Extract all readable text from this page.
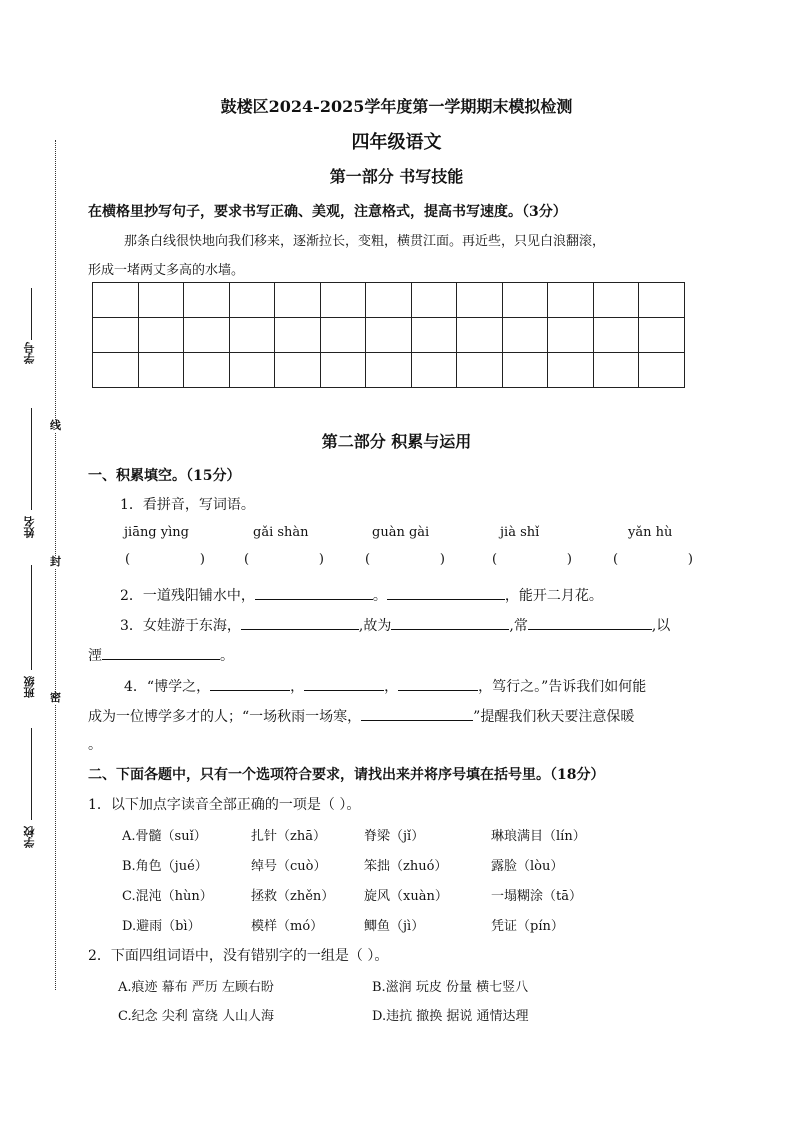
学号
姓名
班级
学校
线
封
密
鼓楼区2024-2025学年度第一学期期末模拟检测
四年级语文
第一部分 书写技能
在横格里抄写句子，要求书写正确、美观，注意格式，提高书写速度。（3分）
那条白线很快地向我们移来，逐渐拉长，变粗，横贯江面。再近些，只见白浪翻滚，
形成一堵两丈多高的水墙。

第二部分 积累与运用
一、积累填空。（15分）
1．看拼音，写词语。
jiāng yìng	gǎi shàn	guàn gài	jià shǐ	yǎn hù
(	)	(	)	(	)	(	)	(	)
2．一道残阳铺水中，	。	，能开二月花。
3．女娃游于东海，	,故为	,常	,以
湮	。
4．“博学之，	，	，	，笃行之。”告诉我们如何能
成为一位博学多才的人；“一场秋雨一场寒，	”提醒我们秋天要注意保暖
。
二、下面各题中，只有一个选项符合要求，请找出来并将序号填在括号里。（18分）
1．以下加点字读音全部正确的一项是（ ）。
A.骨髓（suǐ）	扎针（zhā）	脊梁（jǐ）	琳琅满目（lín）
B.角色（jué）	绰号（cuò）	笨拙（zhuó）	露脸（lòu）
C.混沌（hùn）	拯救（zhěn） 旋风（xuàn）	一塌糊涂（tā）
D.避雨（bì）	模样（mó）	鲫鱼（jì）	凭证（pín）
2．下面四组词语中，没有错别字的一组是（ ）。
A.痕迹 幕布 严历 左顾右盼	B.滋润 玩皮 份量 横七竖八
C.纪念 尖利 富绕 人山人海	D.违抗 撤换 据说 通情达理
